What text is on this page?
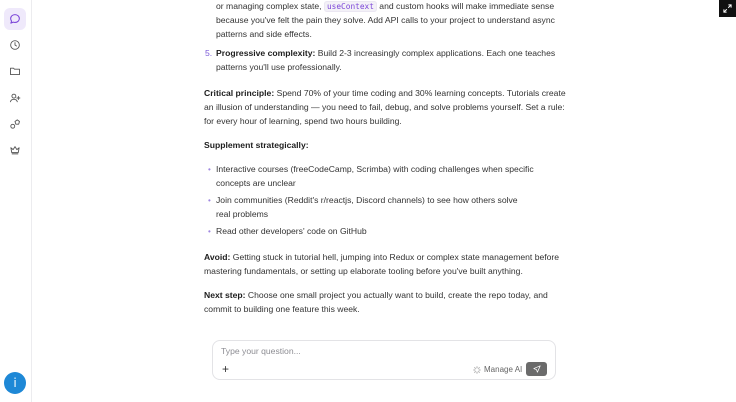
i
or managing complex state, useContext and custom hooks will make immediate sense
because you've felt the pain they solve. Add API calls to your project to understand async
patterns and side effects.
5. Progressive complexity: Build 2-3 increasingly complex applications. Each one teaches
patterns you'll use professionally.
Critical principle: Spend 70% of your time coding and 30% learning concepts. Tutorials create
an illusion of understanding — you need to fail, debug, and solve problems yourself. Set a rule:
for every hour of learning, spend two hours building.
Supplement strategically:
• Interactive courses (freeCodeCamp, Scrimba) with coding challenges when specific
concepts are unclear
• Join communities (Reddit's r/reactjs, Discord channels) to see how others solve
real problems
• Read other developers' code on GitHub
Avoid: Getting stuck in tutorial hell, jumping into Redux or complex state management before
mastering fundamentals, or setting up elaborate tooling before you've built anything.
Next step: Choose one small project you actually want to build, create the repo today, and
commit to building one feature this week.
Type your question...
+	Manage AI
